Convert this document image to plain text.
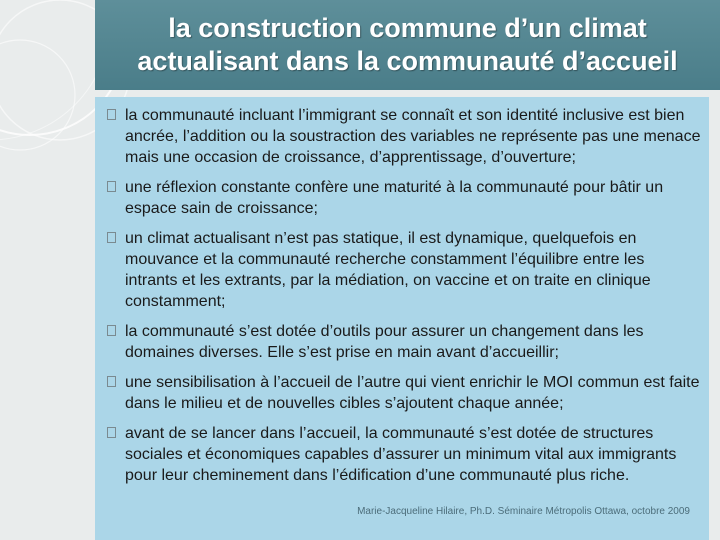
la construction commune d’un climat actualisant dans la communauté d’accueil
la communauté incluant l’immigrant se connaît et son identité inclusive est bien ancrée, l’addition ou la soustraction des variables ne représente pas une menace mais une occasion de croissance, d’apprentissage, d’ouverture;
une réflexion constante confère une maturité à la communauté pour bâtir un espace sain de croissance;
un climat actualisant n’est pas statique, il est dynamique, quelquefois en mouvance et la communauté recherche constamment l’équilibre entre les intrants et les extrants, par la médiation, on vaccine et on traite en clinique constamment;
la communauté s’est dotée d’outils pour assurer un changement dans les domaines diverses. Elle s’est prise en main avant d’accueillir;
une sensibilisation à l’accueil de l’autre qui vient enrichir le MOI commun est faite dans le milieu et de nouvelles cibles s’ajoutent chaque année;
avant de se lancer dans l’accueil, la communauté s’est dotée de structures sociales et économiques capables d’assurer un minimum vital aux immigrants pour leur cheminement dans l’édification d’une communauté plus riche.
Marie-Jacqueline Hilaire, Ph.D. Séminaire Métropolis Ottawa, octobre 2009
